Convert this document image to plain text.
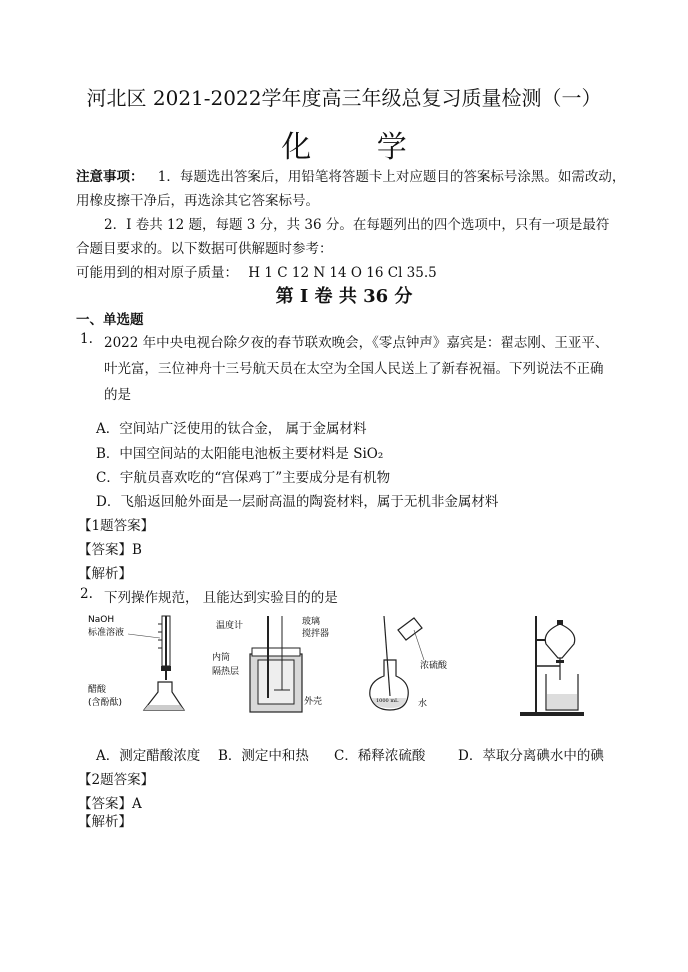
河北区 2021-2022学年度高三年级总复习质量检测（一）
化 学
注意事项： 1．每题选出答案后，用铅笔将答题卡上对应题目的答案标号涂黑。如需改动，
用橡皮擦干净后，再选涂其它答案标号。
2．I 卷共 12 题，每题 3 分，共 36 分。在每题列出的四个选项中，只有一项是最符
合题目要求的。以下数据可供解题时参考：
可能用到的相对原子质量： H 1 C 12 N 14 O 16 Cl 35.5
第 I 卷 共 36 分
一、单选题
1. 2022 年中央电视台除夕夜的春节联欢晚会，《零点钟声》嘉宾是：翟志刚、王亚平、
叶光富，三位神舟十三号航天员在太空为全国人民送上了新春祝福。下列说法不正确
的是
A．空间站广泛使用的钛合金， 属于金属材料
B．中国空间站的太阳能电池板主要材料是 SiO₂
C．宇航员喜欢吃的“宫保鸡丁”主要成分是有机物
D．飞船返回舱外面是一层耐高温的陶瓷材料，属于无机非金属材料
【1题答案】
【答案】B
【解析】
2. 下列操作规范， 且能达到实验目的的是
NaOH
标准溶液
醋酸
(含酚酞)
温度计	玻璃
搅拌器
内筒
隔热层
外壳
浓硫酸
水
1000 mL
A．测定醋酸浓度 B．测定中和热 C．稀释浓硫酸 D．萃取分离碘水中的碘
【2题答案】
【答案】A
【解析】
